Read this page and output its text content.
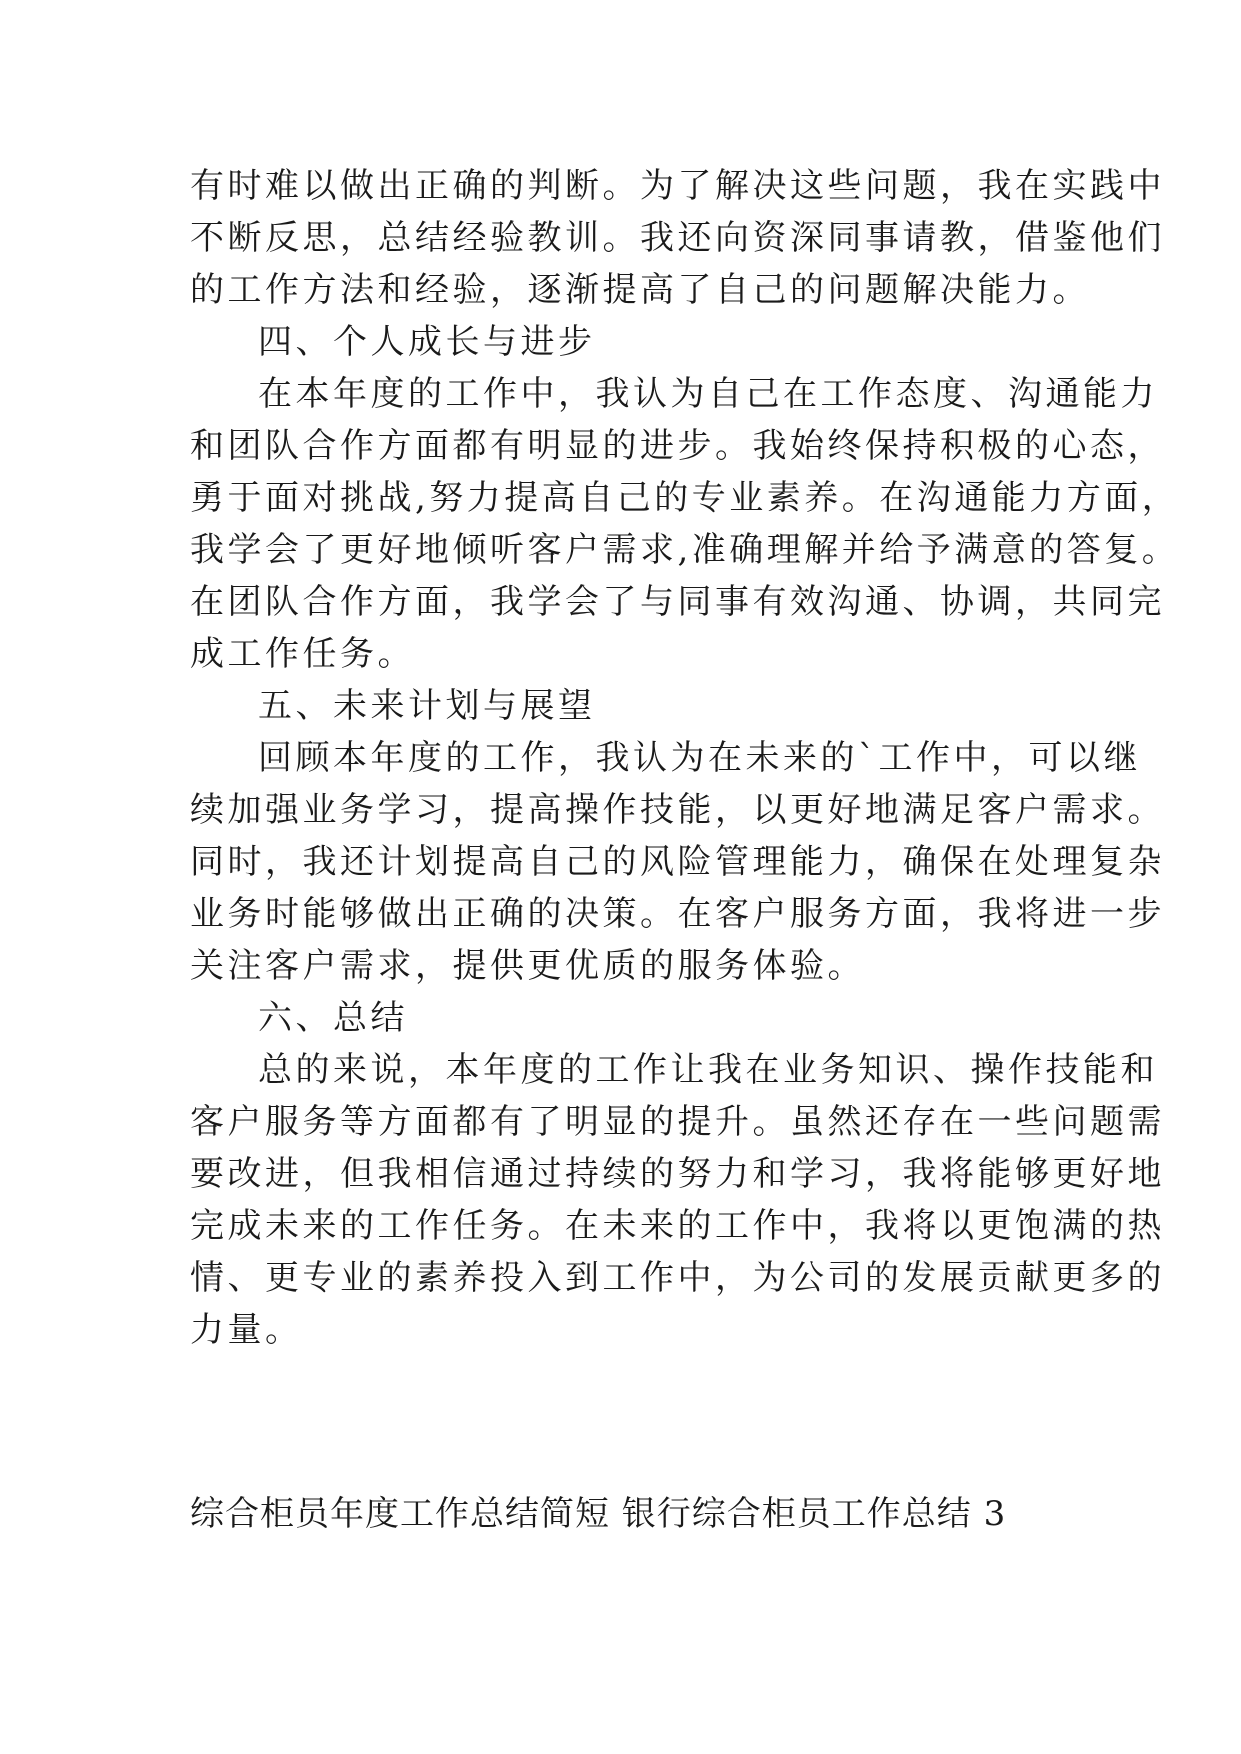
有时难以做出正确的判断。为了解决这些问题，我在实践中
不断反思，总结经验教训。我还向资深同事请教，借鉴他们
的工作方法和经验，逐渐提高了自己的问题解决能力。
四、个人成长与进步
在本年度的工作中，我认为自己在工作态度、沟通能力
和团队合作方面都有明显的进步。我始终保持积极的心态，
勇于面对挑战,努力提高自己的专业素养。在沟通能力方面，
我学会了更好地倾听客户需求,准确理解并给予满意的答复。
在团队合作方面，我学会了与同事有效沟通、协调，共同完
成工作任务。
五、未来计划与展望
回顾本年度的工作，我认为在未来的`工作中，可以继
续加强业务学习，提高操作技能，以更好地满足客户需求。
同时，我还计划提高自己的风险管理能力，确保在处理复杂
业务时能够做出正确的决策。在客户服务方面，我将进一步
关注客户需求，提供更优质的服务体验。
六、总结
总的来说，本年度的工作让我在业务知识、操作技能和
客户服务等方面都有了明显的提升。虽然还存在一些问题需
要改进，但我相信通过持续的努力和学习，我将能够更好地
完成未来的工作任务。在未来的工作中，我将以更饱满的热
情、更专业的素养投入到工作中，为公司的发展贡献更多的
力量。
综合柜员年度工作总结简短 银行综合柜员工作总结 3
